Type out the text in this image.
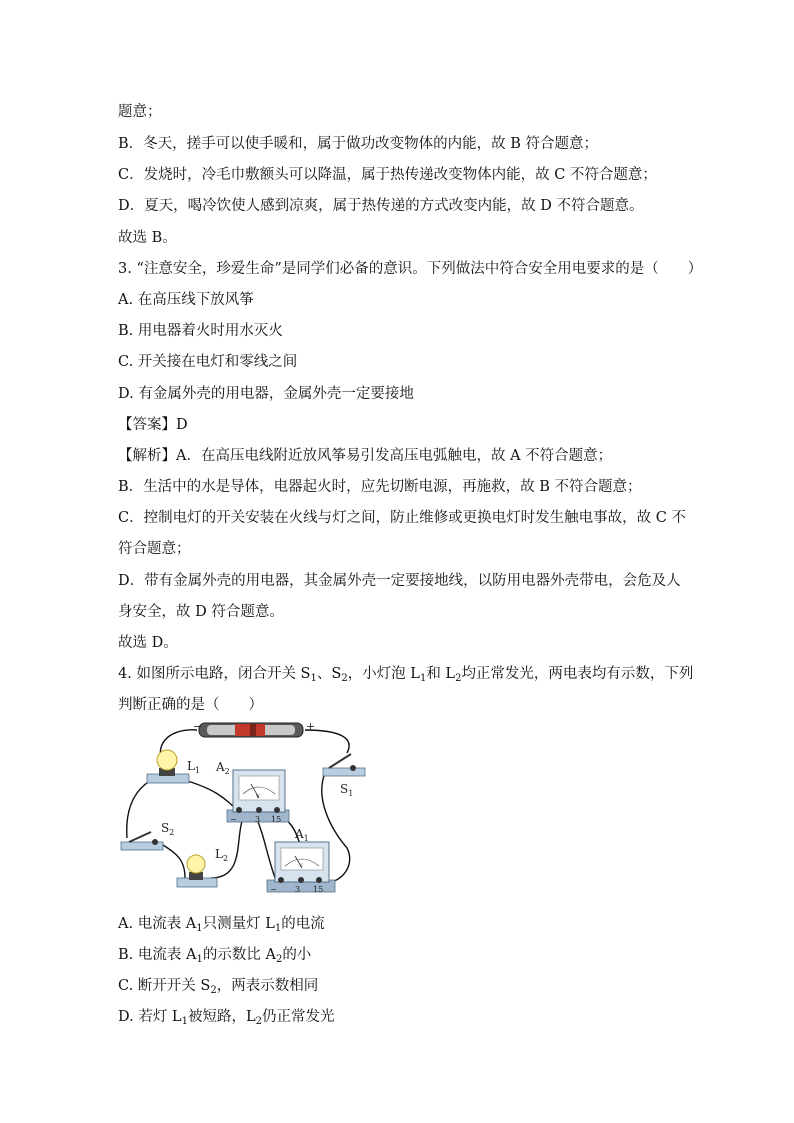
题意；
B．冬天，搓手可以使手暖和，属于做功改变物体的内能，故 B 符合题意；
C．发烧时，冷毛巾敷额头可以降温，属于热传递改变物体内能，故 C 不符合题意；
D．夏天，喝冷饮使人感到凉爽，属于热传递的方式改变内能，故 D 不符合题意。
故选 B。
3. “注意安全，珍爱生命”是同学们必备的意识。下列做法中符合安全用电要求的是（　　）
A. 在高压线下放风筝
B. 用电器着火时用水灭火
C. 开关接在电灯和零线之间
D. 有金属外壳的用电器，金属外壳一定要接地
【答案】D
【解析】A．在高压电线附近放风筝易引发高压电弧触电，故 A 不符合题意；
B．生活中的水是导体，电器起火时，应先切断电源，再施救，故 B 不符合题意；
C．控制电灯的开关安装在火线与灯之间，防止维修或更换电灯时发生触电事故，故 C 不
符合题意；
D．带有金属外壳的用电器，其金属外壳一定要接地线，以防用电器外壳带电，会危及人
身安全，故 D 符合题意。
故选 D。
4. 如图所示电路，闭合开关 $S_1$、$S_2$，小灯泡 $L_1$和 $L_2$均正常发光，两电表均有示数，下列
判断正确的是（　　）
−	+
$L_1$ $A_2$
V
− 3 15
$S_1$
$S_2$
$L_2$
$A_1$
V
− 3 15
A. 电流表 $A_1$只测量灯 $L_1$的电流
B. 电流表 $A_1$的示数比 $A_2$的小
C. 断开开关 $S_2$，两表示数相同
D. 若灯 $L_1$被短路，$L_2$仍正常发光
